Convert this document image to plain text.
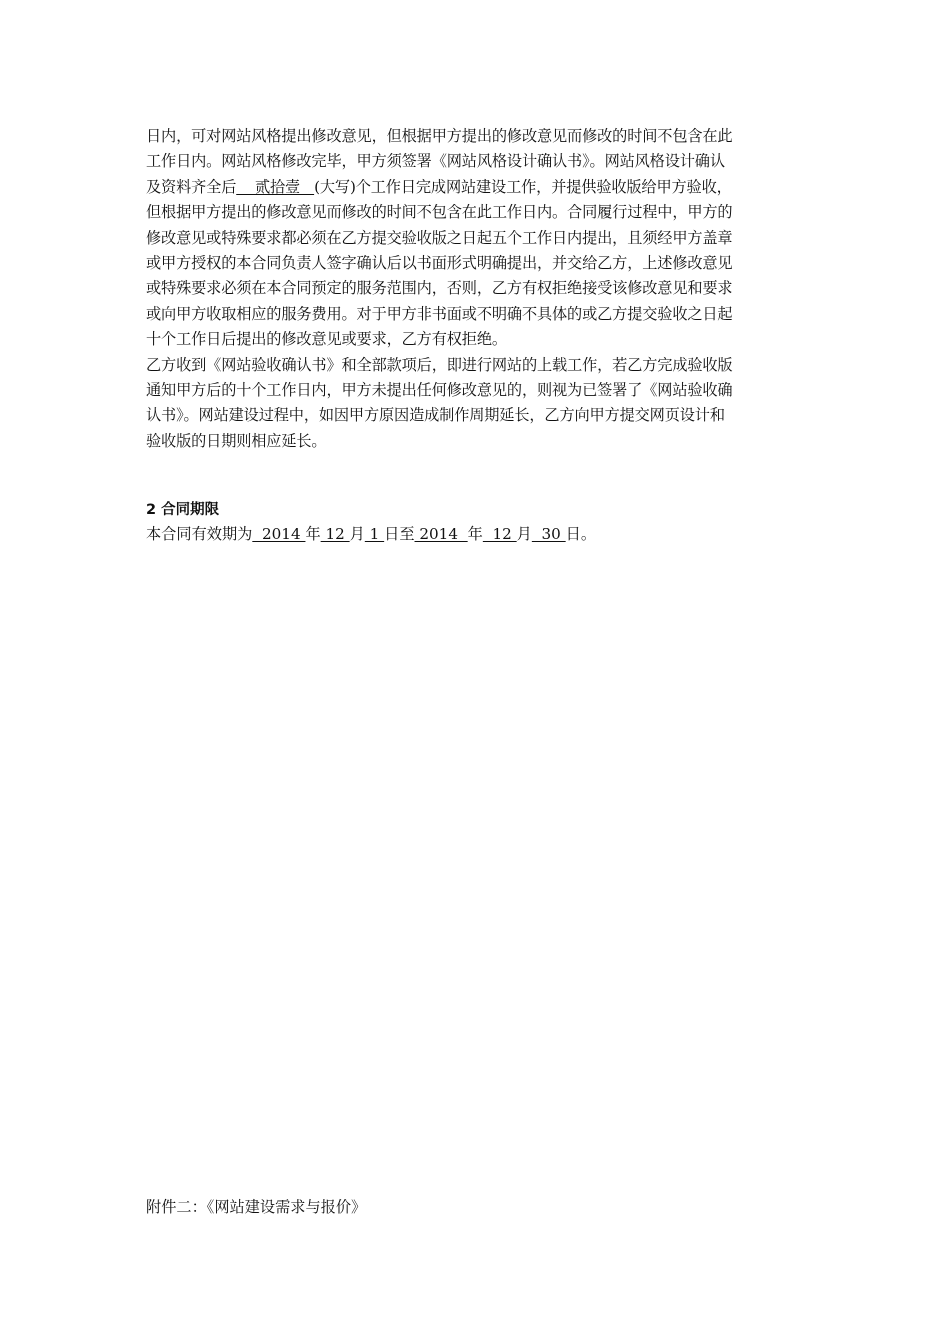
日内，可对网站风格提出修改意见，但根据甲方提出的修改意见而修改的时间不包含在此
工作日内。网站风格修改完毕，甲方须签署《网站风格设计确认书》。网站风格设计确认
及资料齐全后    贰拾壹   (大写)个工作日完成网站建设工作，并提供验收版给甲方验收，
但根据甲方提出的修改意见而修改的时间不包含在此工作日内。合同履行过程中，甲方的
修改意见或特殊要求都必须在乙方提交验收版之日起五个工作日内提出，且须经甲方盖章
或甲方授权的本合同负责人签字确认后以书面形式明确提出，并交给乙方，上述修改意见
或特殊要求必须在本合同预定的服务范围内，否则，乙方有权拒绝接受该修改意见和要求
或向甲方收取相应的服务费用。对于甲方非书面或不明确不具体的或乙方提交验收之日起
十个工作日后提出的修改意见或要求，乙方有权拒绝。
乙方收到《网站验收确认书》和全部款项后，即进行网站的上载工作，若乙方完成验收版
通知甲方后的十个工作日内，甲方未提出任何修改意见的，则视为已签署了《网站验收确
认书》。网站建设过程中，如因甲方原因造成制作周期延长，乙方向甲方提交网页设计和
验收版的日期则相应延长。
2 合同期限
本合同有效期为  2014 年 12 月 1 日至 2014  年  12 月  30 日。
附件二：《网站建设需求与报价》
